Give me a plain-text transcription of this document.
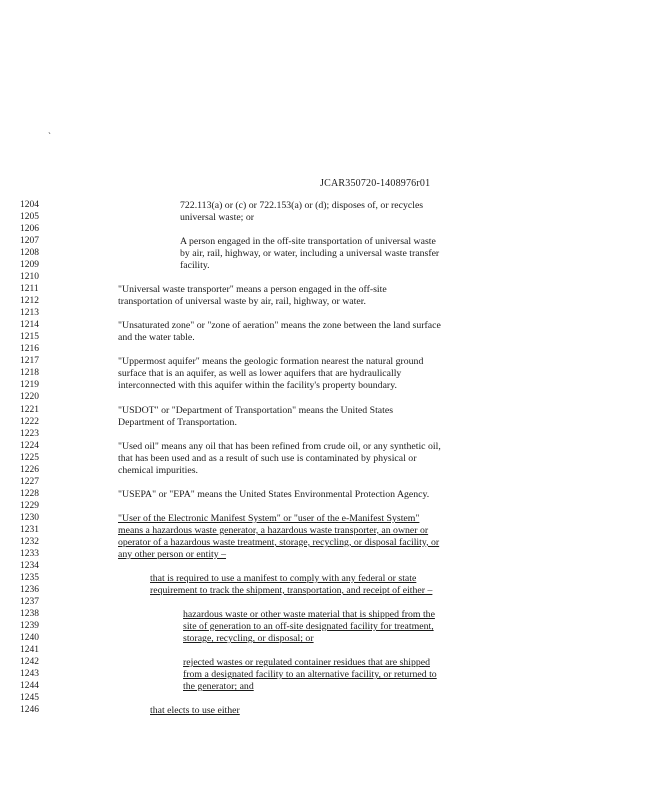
`
JCAR350720-1408976r01
1204	722.113(a) or (c) or 722.153(a) or (d); disposes of, or recycles
1205	universal waste; or
1206
1207	A person engaged in the off-site transportation of universal waste
1208	by air, rail, highway, or water, including a universal waste transfer
1209	facility.
1210
1211	"Universal waste transporter" means a person engaged in the off-site
1212	transportation of universal waste by air, rail, highway, or water.
1213
1214	"Unsaturated zone" or "zone of aeration" means the zone between the land surface
1215	and the water table.
1216
1217	"Uppermost aquifer" means the geologic formation nearest the natural ground
1218	surface that is an aquifer, as well as lower aquifers that are hydraulically
1219	interconnected with this aquifer within the facility's property boundary.
1220
1221	"USDOT" or "Department of Transportation" means the United States
1222	Department of Transportation.
1223
1224	"Used oil" means any oil that has been refined from crude oil, or any synthetic oil,
1225	that has been used and as a result of such use is contaminated by physical or
1226	chemical impurities.
1227
1228	"USEPA" or "EPA" means the United States Environmental Protection Agency.
1229
1230	"User of the Electronic Manifest System" or "user of the e-Manifest System"
1231	means a hazardous waste generator, a hazardous waste transporter, an owner or
1232	operator of a hazardous waste treatment, storage, recycling, or disposal facility, or
1233	any other person or entity –
1234
1235	that is required to use a manifest to comply with any federal or state
1236	requirement to track the shipment, transportation, and receipt of either –
1237
1238	hazardous waste or other waste material that is shipped from the
1239	site of generation to an off-site designated facility for treatment,
1240	storage, recycling, or disposal; or
1241
1242	rejected wastes or regulated container residues that are shipped
1243	from a designated facility to an alternative facility, or returned to
1244	the generator; and
1245
1246	that elects to use either
